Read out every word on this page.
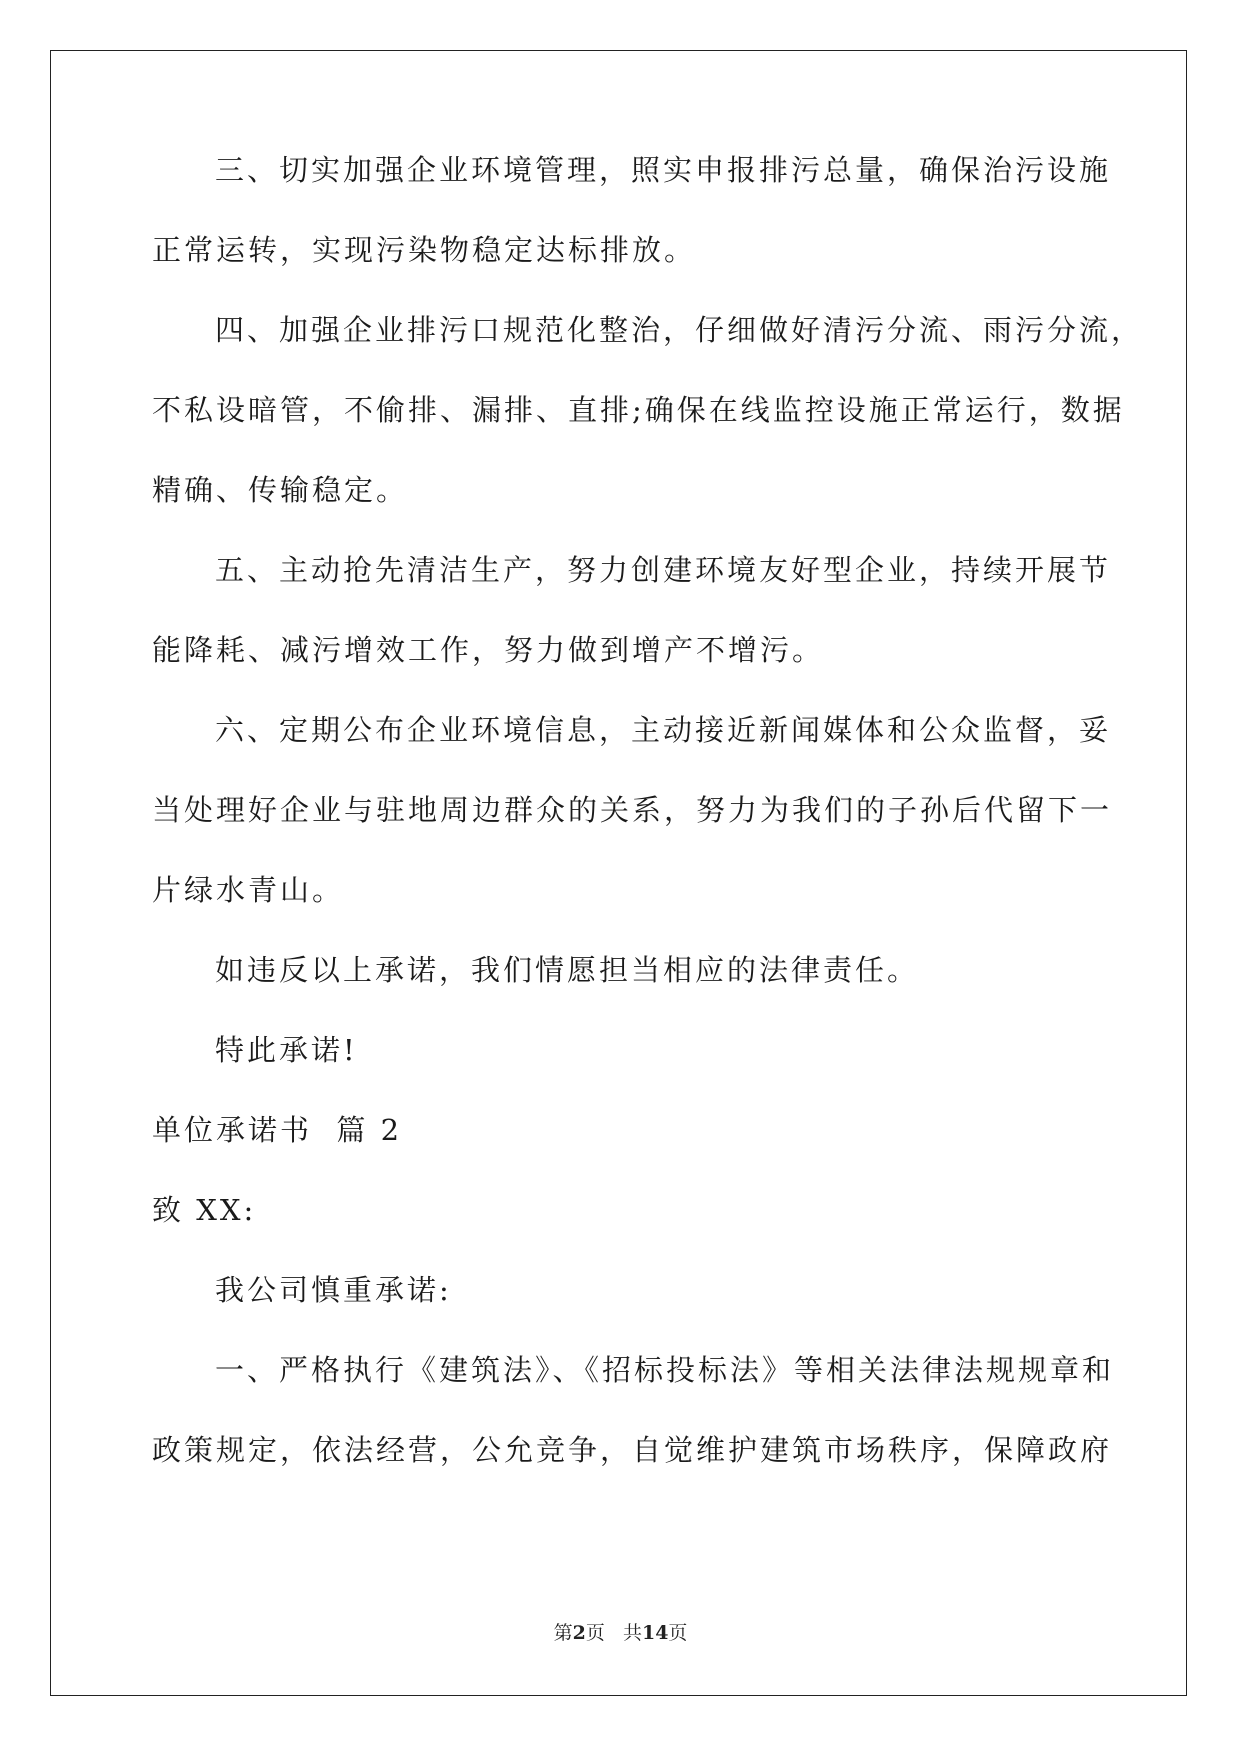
三、切实加强企业环境管理，照实申报排污总量，确保治污设施

正常运转，实现污染物稳定达标排放。

四、加强企业排污口规范化整治，仔细做好清污分流、雨污分流，

不私设暗管，不偷排、漏排、直排;确保在线监控设施正常运行，数据

精确、传输稳定。

五、主动抢先清洁生产，努力创建环境友好型企业，持续开展节

能降耗、减污增效工作，努力做到增产不增污。

六、定期公布企业环境信息，主动接近新闻媒体和公众监督，妥

当处理好企业与驻地周边群众的关系，努力为我们的子孙后代留下一

片绿水青山。

如违反以上承诺，我们情愿担当相应的法律责任。

特此承诺!

单位承诺书  篇 2

致 XX:

我公司慎重承诺:

一、严格执行《建筑法》、《招标投标法》等相关法律法规规章和

政策规定，依法经营，公允竞争，自觉维护建筑市场秩序，保障政府

第2页 共14页
